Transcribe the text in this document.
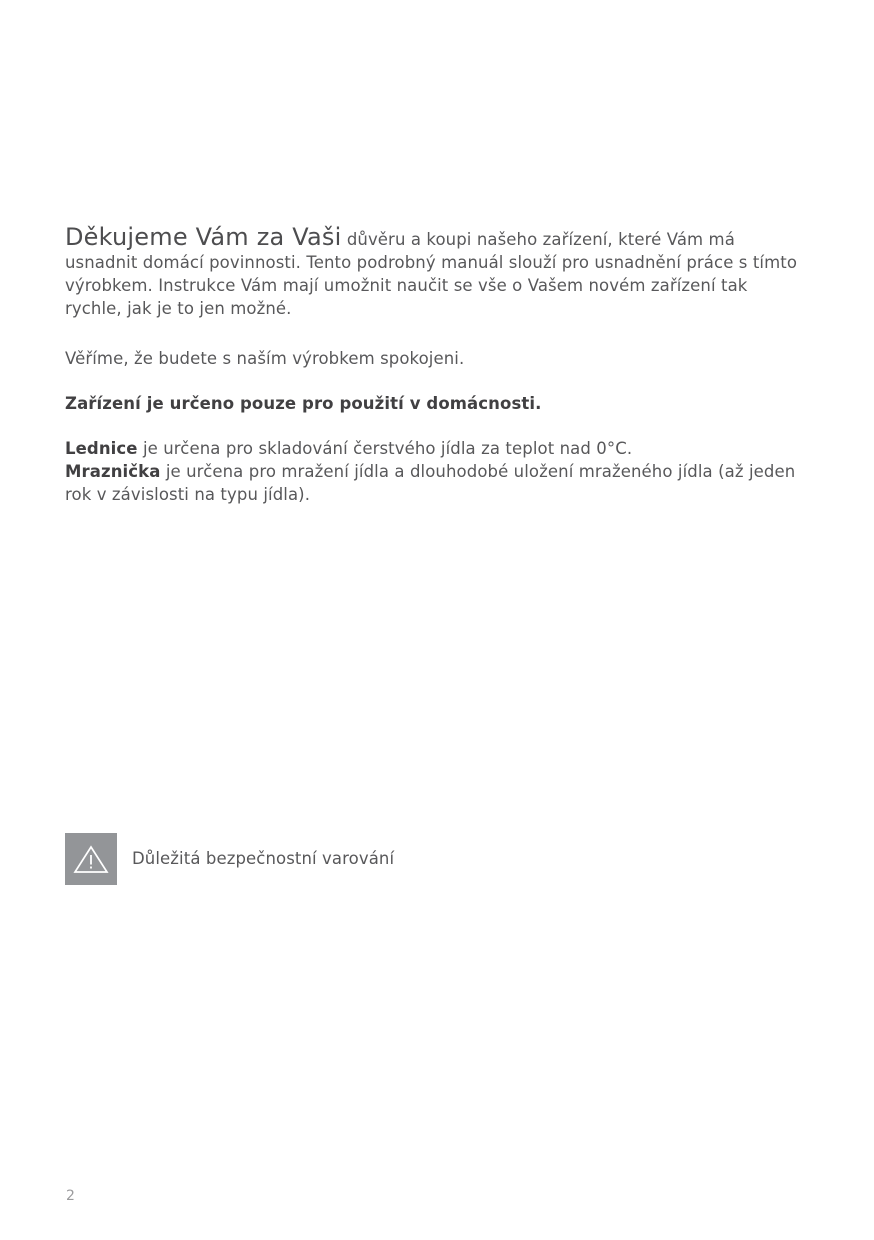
Děkujeme Vám za Vaši důvěru a koupi našeho zařízení, které Vám má usnadnit domácí povinnosti. Tento podrobný manuál slouží pro usnadnění práce s tímto výrobkem. Instrukce Vám mají umožnit naučit se vše o Vašem novém zařízení tak rychle, jak je to jen možné.

Věříme, že budete s naším výrobkem spokojeni.

Zařízení je určeno pouze pro použití v domácnosti.

Lednice je určena pro skladování čerstvého jídla za teplot nad 0°C.
Mraznička je určena pro mražení jídla a dlouhodobé uložení mraženého jídla (až jeden rok v závislosti na typu jídla).

Důležitá bezpečnostní varování
2
